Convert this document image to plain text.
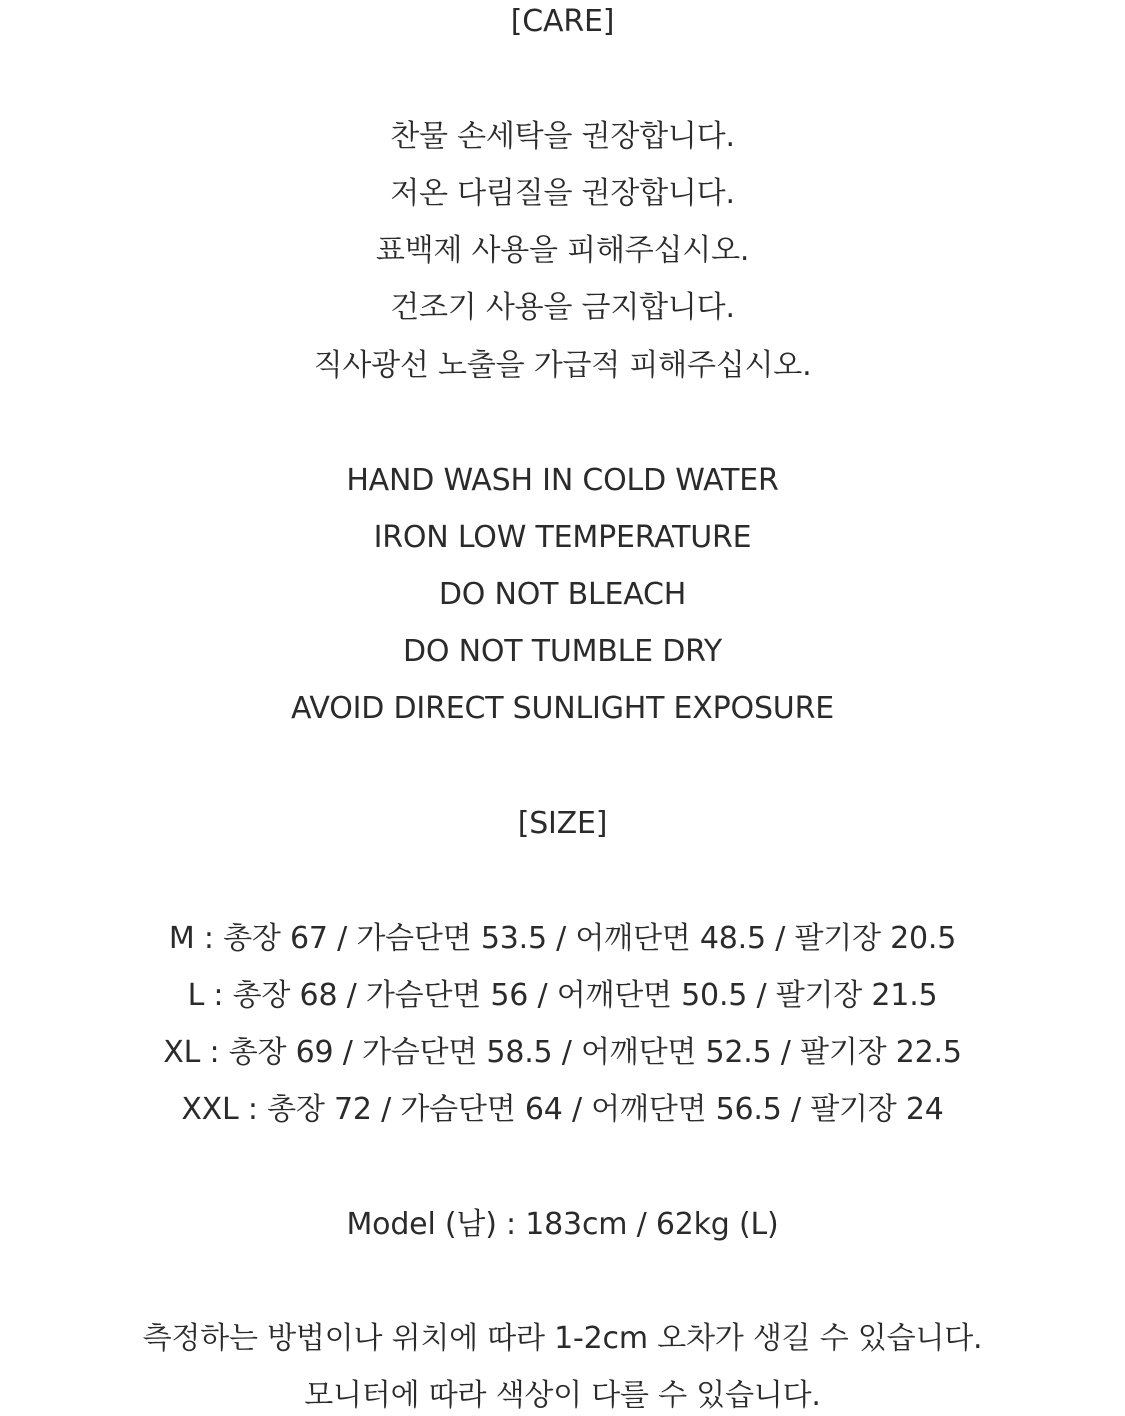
[CARE]
찬물 손세탁을 권장합니다.
저온 다림질을 권장합니다.
표백제 사용을 피해주십시오.
건조기 사용을 금지합니다.
직사광선 노출을 가급적 피해주십시오.
HAND WASH IN COLD WATER
IRON LOW TEMPERATURE
DO NOT BLEACH
DO NOT TUMBLE DRY
AVOID DIRECT SUNLIGHT EXPOSURE
[SIZE]
M : 총장 67 / 가슴단면 53.5 / 어깨단면 48.5 / 팔기장 20.5
L : 총장 68 / 가슴단면 56 / 어깨단면 50.5 / 팔기장 21.5
XL : 총장 69 / 가슴단면 58.5 / 어깨단면 52.5 / 팔기장 22.5
XXL : 총장 72 / 가슴단면 64 / 어깨단면 56.5 / 팔기장 24
Model (남) : 183cm / 62kg (L)
측정하는 방법이나 위치에 따라 1-2cm 오차가 생길 수 있습니다.
모니터에 따라 색상이 다를 수 있습니다.
